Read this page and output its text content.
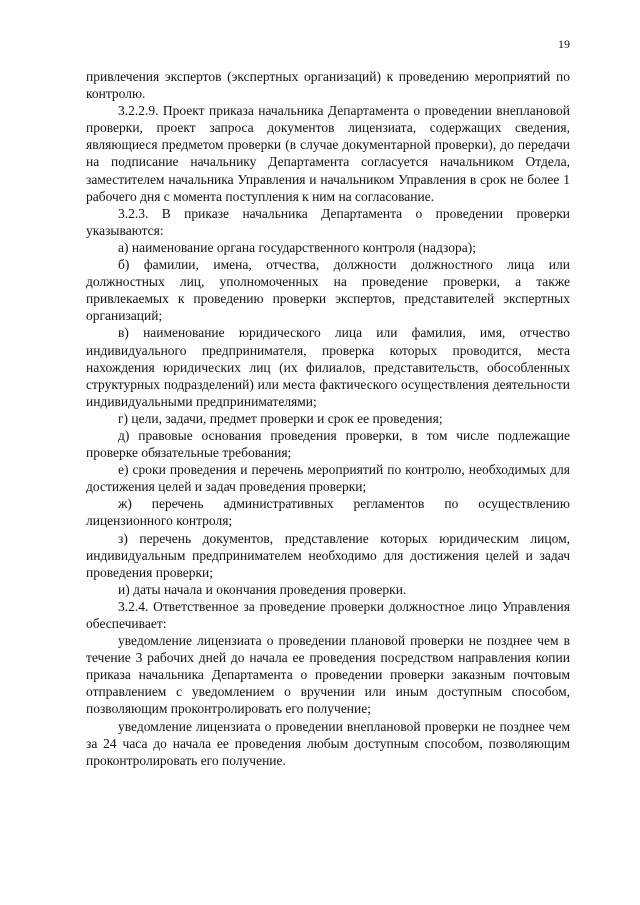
19

привлечения экспертов (экспертных организаций) к проведению мероприятий по контролю.

3.2.2.9. Проект приказа начальника Департамента о проведении внеплановой проверки, проект запроса документов лицензиата, содержащих сведения, являющиеся предметом проверки (в случае документарной проверки), до передачи на подписание начальнику Департамента согласуется начальником Отдела, заместителем начальника Управления и начальником Управления в срок не более 1 рабочего дня с момента поступления к ним на согласование.

3.2.3. В приказе начальника Департамента о проведении проверки указываются:

а) наименование органа государственного контроля (надзора);

б) фамилии, имена, отчества, должности должностного лица или должностных лиц, уполномоченных на проведение проверки, а также привлекаемых к проведению проверки экспертов, представителей экспертных организаций;

в) наименование юридического лица или фамилия, имя, отчество индивидуального предпринимателя, проверка которых проводится, места нахождения юридических лиц (их филиалов, представительств, обособленных структурных подразделений) или места фактического осуществления деятельности индивидуальными предпринимателями;

г) цели, задачи, предмет проверки и срок ее проведения;

д) правовые основания проведения проверки, в том числе подлежащие проверке обязательные требования;

е) сроки проведения и перечень мероприятий по контролю, необходимых для достижения целей и задач проведения проверки;

ж) перечень административных регламентов по осуществлению лицензионного контроля;

з) перечень документов, представление которых юридическим лицом, индивидуальным предпринимателем необходимо для достижения целей и задач проведения проверки;

и) даты начала и окончания проведения проверки.

3.2.4. Ответственное за проведение проверки должностное лицо Управления обеспечивает:

уведомление лицензиата о проведении плановой проверки не позднее чем в течение 3 рабочих дней до начала ее проведения посредством направления копии приказа начальника Департамента о проведении проверки заказным почтовым отправлением с уведомлением о вручении или иным доступным способом, позволяющим проконтролировать его получение;

уведомление лицензиата о проведении внеплановой проверки не позднее чем за 24 часа до начала ее проведения любым доступным способом, позволяющим проконтролировать его получение.
